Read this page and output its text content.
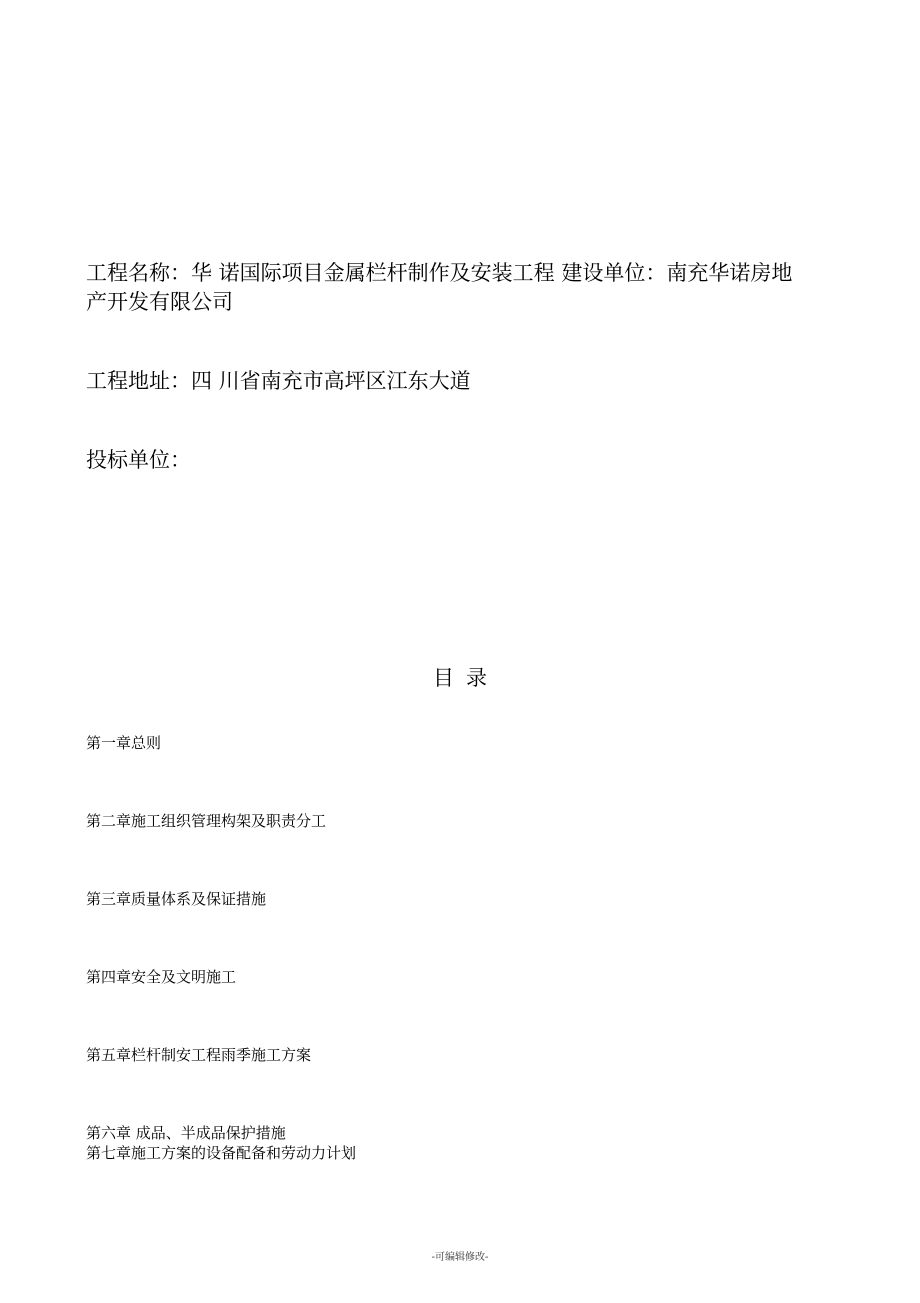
工程名称：华 诺国际项目金属栏杆制作及安装工程 建设单位：南充华诺房地
产开发有限公司
工程地址：四 川省南充市高坪区江东大道
投标单位：
目录
第一章总则
第二章施工组织管理构架及职责分工
第三章质量体系及保证措施
第四章安全及文明施工
第五章栏杆制安工程雨季施工方案
第六章 成品、半成品保护措施
第七章施工方案的设备配备和劳动力计划
-可编辑修改-
